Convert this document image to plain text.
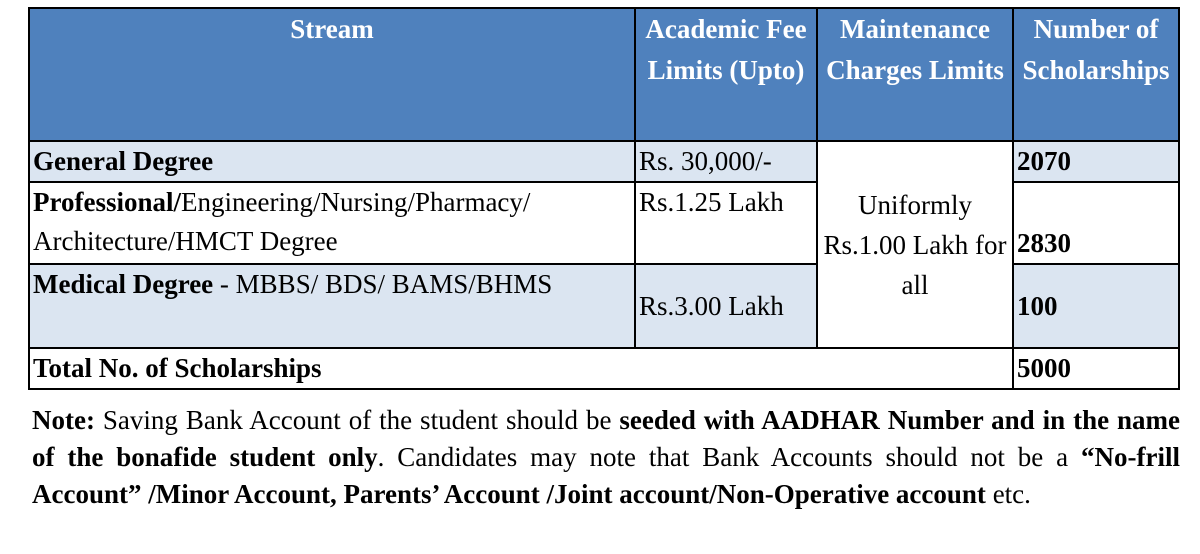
Stream	Academic Fee Limits (Upto)	Maintenance Charges Limits	Number of Scholarships
General Degree	Rs. 30,000/-	Uniformly Rs.1.00 Lakh for all	2070
Professional/Engineering/Nursing/Pharmacy/ Architecture/HMCT Degree	Rs.1.25 Lakh		2830
Medical Degree - MBBS/ BDS/ BAMS/BHMS	Rs.3.00 Lakh		100
Total No. of Scholarships			5000
Note: Saving Bank Account of the student should be seeded with AADHAR Number and in the name of the bonafide student only. Candidates may note that Bank Accounts should not be a “No-frill Account” /Minor Account, Parents’ Account /Joint account/Non-Operative account etc.
